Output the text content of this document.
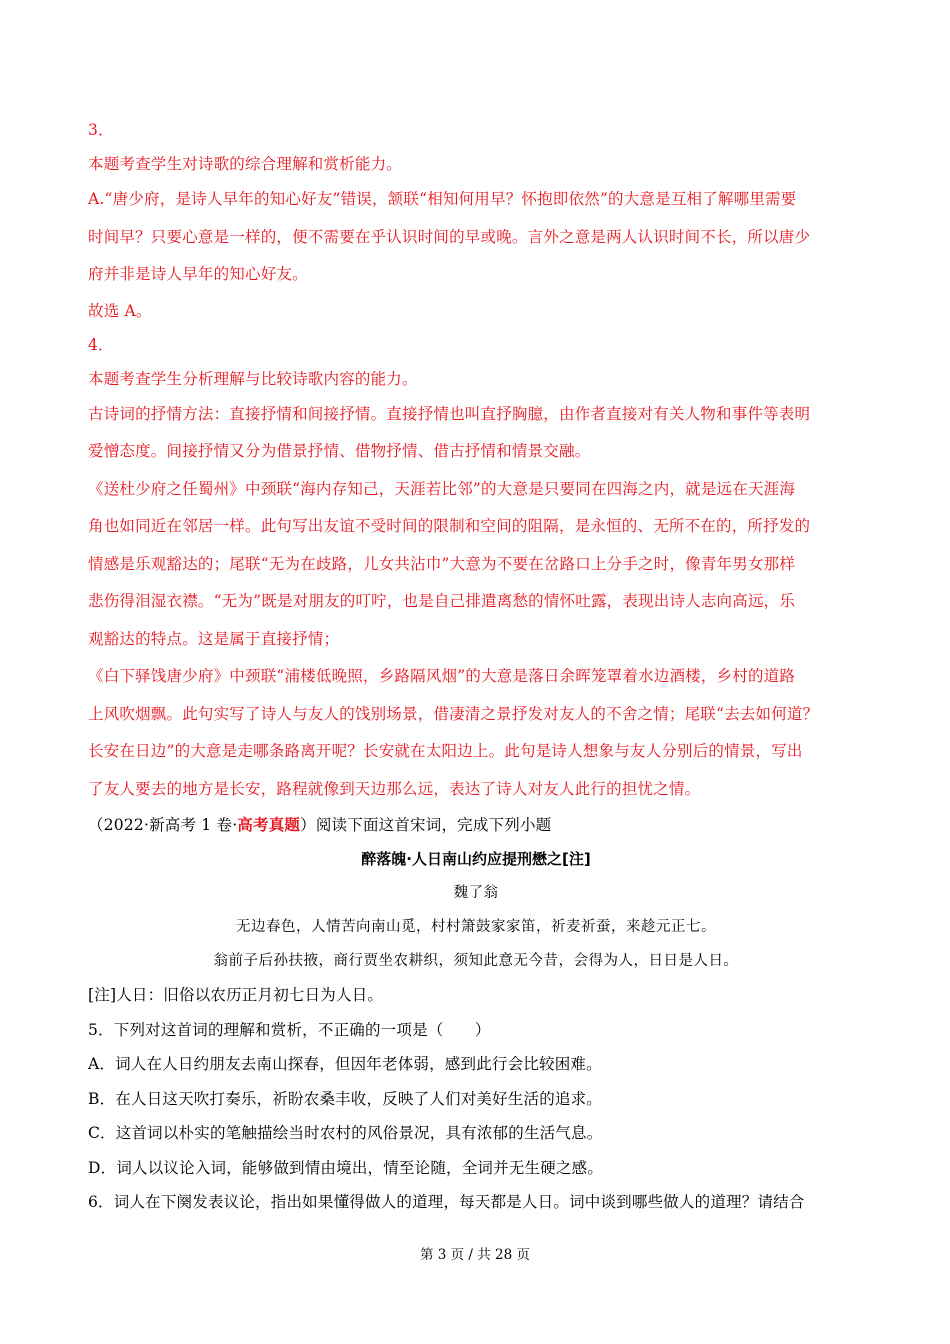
3．

本题考查学生对诗歌的综合理解和赏析能力。

A.“唐少府，是诗人早年的知心好友”错误，颔联“相知何用早？怀抱即依然”的大意是互相了解哪里需要

时间早？只要心意是一样的，便不需要在乎认识时间的早或晚。言外之意是两人认识时间不长，所以唐少

府并非是诗人早年的知心好友。

故选 A。

4．

本题考查学生分析理解与比较诗歌内容的能力。

古诗词的抒情方法：直接抒情和间接抒情。直接抒情也叫直抒胸臆，由作者直接对有关人物和事件等表明

爱憎态度。间接抒情又分为借景抒情、借物抒情、借古抒情和情景交融。

《送杜少府之任蜀州》中颈联“海内存知己，天涯若比邻”的大意是只要同在四海之内，就是远在天涯海

角也如同近在邻居一样。此句写出友谊不受时间的限制和空间的阻隔，是永恒的、无所不在的，所抒发的

情感是乐观豁达的；尾联“无为在歧路，儿女共沾巾”大意为不要在岔路口上分手之时，像青年男女那样

悲伤得泪湿衣襟。“无为”既是对朋友的叮咛，也是自己排遣离愁的情怀吐露，表现出诗人志向高远，乐

观豁达的特点。这是属于直接抒情；

《白下驿饯唐少府》中颈联“浦楼低晚照，乡路隔风烟”的大意是落日余晖笼罩着水边酒楼，乡村的道路

上风吹烟飘。此句实写了诗人与友人的饯别场景，借凄清之景抒发对友人的不舍之情；尾联“去去如何道？

长安在日边”的大意是走哪条路离开呢？长安就在太阳边上。此句是诗人想象与友人分别后的情景，写出

了友人要去的地方是长安，路程就像到天边那么远，表达了诗人对友人此行的担忧之情。

（2022·新高考 1 卷·高考真题）阅读下面这首宋词，完成下列小题

醉落魄·人日南山约应提刑懋之[注]

魏了翁

无边春色，人情苦向南山觅，村村箫鼓家家笛，祈麦祈蚕，来趁元正七。

翁前子后孙扶掖，商行贾坐农耕织，须知此意无今昔，会得为人，日日是人日。

[注]人日：旧俗以农历正月初七日为人日。

5．下列对这首词的理解和赏析，不正确的一项是（　　）

A．词人在人日约朋友去南山探春，但因年老体弱，感到此行会比较困难。

B．在人日这天吹打奏乐，祈盼农桑丰收，反映了人们对美好生活的追求。

C．这首词以朴实的笔触描绘当时农村的风俗景况，具有浓郁的生活气息。

D．词人以议论入词，能够做到情由境出，情至论随，全词并无生硬之感。

6．词人在下阕发表议论，指出如果懂得做人的道理，每天都是人日。词中谈到哪些做人的道理？请结合

第 3 页 / 共 28 页
